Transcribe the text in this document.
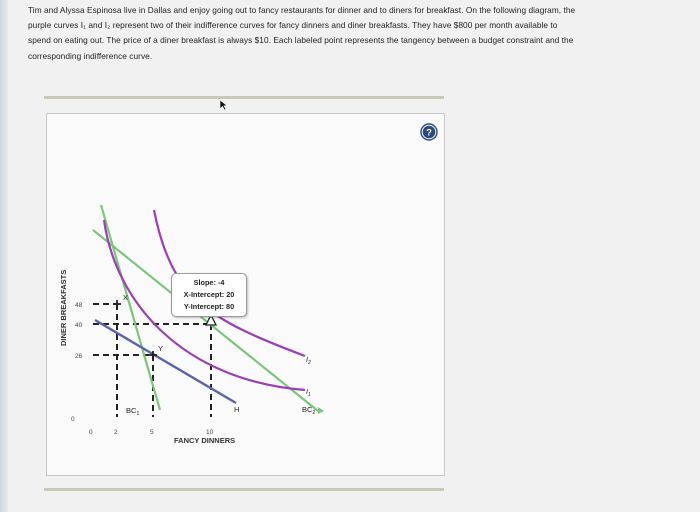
Tim and Alyssa Espinosa live in Dallas and enjoy going out to fancy restaurants for dinner and to diners for breakfast. On the following diagram, the
purple curves I₁ and I₂ represent two of their indifference curves for fancy dinners and diner breakfasts. They have $800 per month available to
spend on eating out. The price of a diner breakfast is always $10. Each labeled point represents the tangency between a budget constraint and the
corresponding indifference curve.
?
DINER BREAKFASTS 48
40
26
0
0	2	5	10
FANCY DINNERS
X
Y
$BC_1$	H	$BC_2$
$I_2$
$I_1$
Slope: -4
X-Intercept: 20
Y-Intercept: 80
